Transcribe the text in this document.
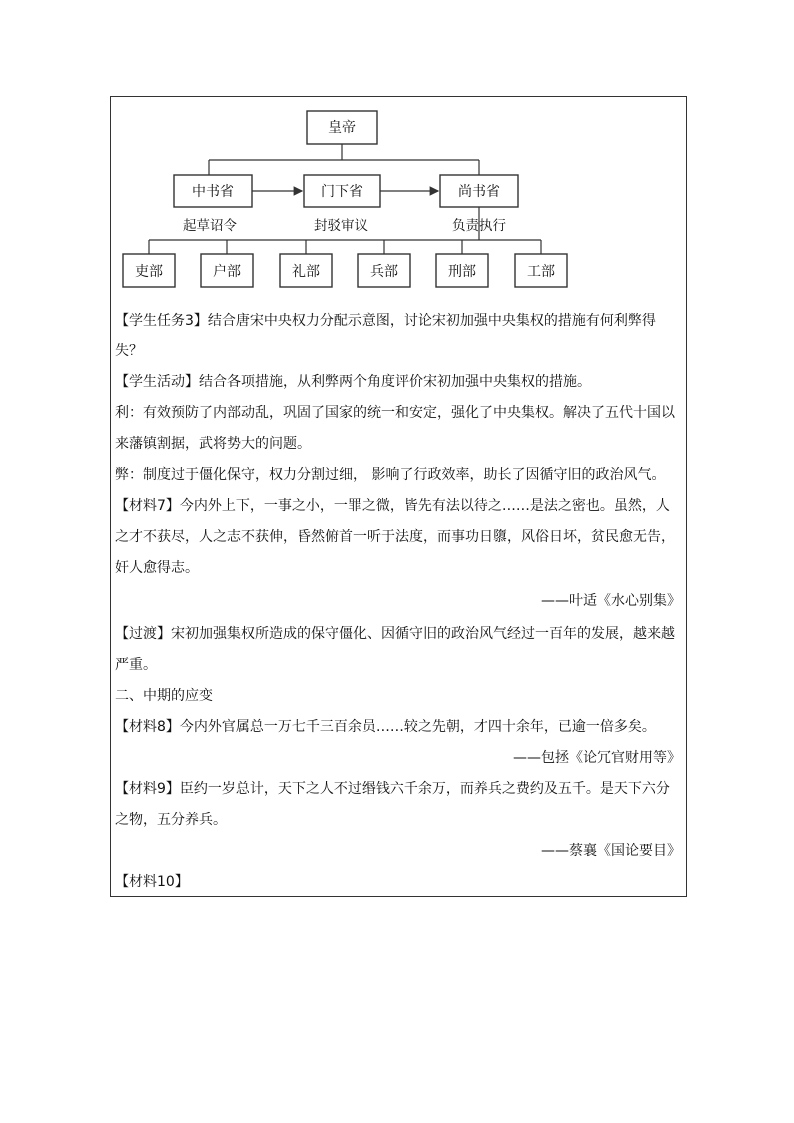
皇帝
中书省	门下省	尚书省
起草诏令	封驳审议	负责执行
吏部	户部	礼部	兵部	刑部	工部

【学生任务3】结合唐宋中央权力分配示意图，讨论宋初加强中央集权的措施有何利弊得

失？

【学生活动】结合各项措施，从利弊两个角度评价宋初加强中央集权的措施。

利：有效预防了内部动乱，巩固了国家的统一和安定，强化了中央集权。解决了五代十国以

来藩镇割据，武将势大的问题。

弊：制度过于僵化保守，权力分割过细， 影响了行政效率，助长了因循守旧的政治风气。

【材料7】今内外上下，一事之小，一罪之微，皆先有法以待之……是法之密也。虽然，人

之才不获尽，人之志不获伸，昏然俯首一听于法度，而事功日隳，风俗日坏，贫民愈无告，

奸人愈得志。

——叶适《水心别集》

【过渡】宋初加强集权所造成的保守僵化、因循守旧的政治风气经过一百年的发展，越来越

严重。

二、中期的应变

【材料8】今内外官属总一万七千三百余员……较之先朝，才四十余年，已逾一倍多矣。

——包拯《论冗官财用等》

【材料9】臣约一岁总计，天下之人不过缗钱六千余万，而养兵之费约及五千。是天下六分

之物，五分养兵。

——蔡襄《国论要目》

【材料10】
